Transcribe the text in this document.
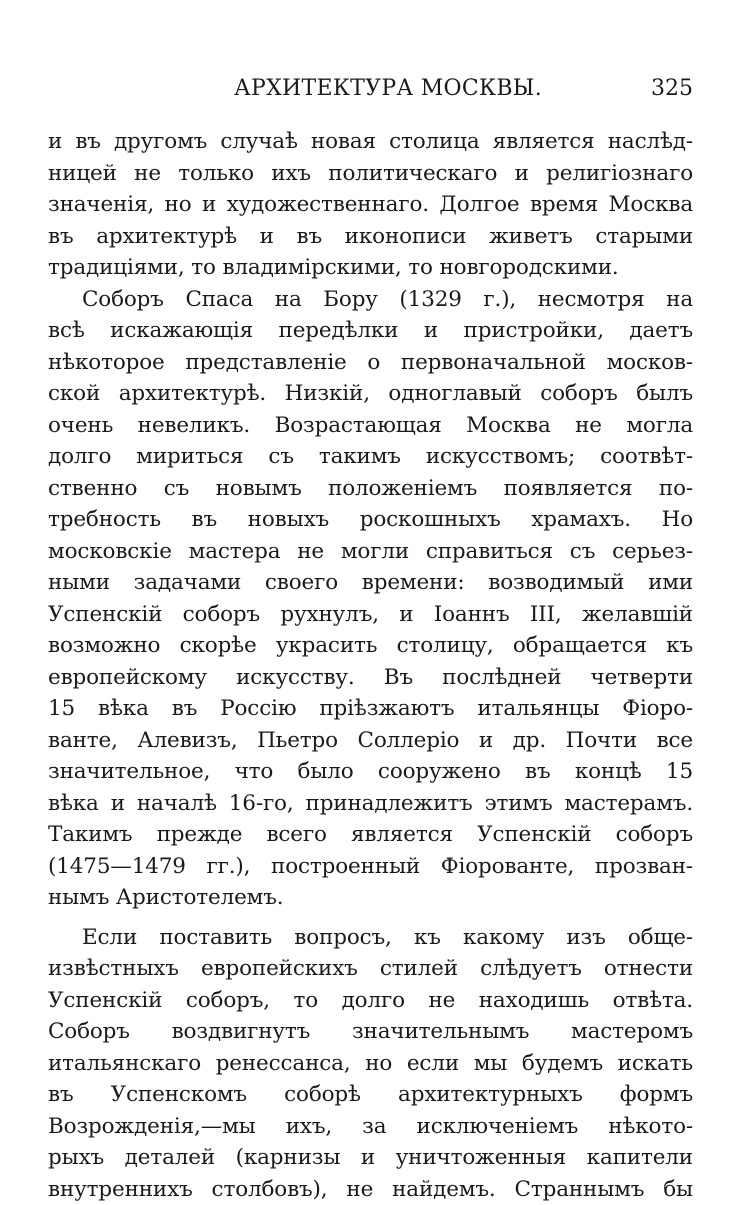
АРХИТЕКТУРА МОСКВЫ.	325
и въ другомъ случаѣ новая столица является наслѣд-
ницей не только ихъ политическаго и религіознаго
значенія, но и художественнаго. Долгое время Москва
въ архитектурѣ и въ иконописи живетъ старыми
традиціями, то владимірскими, то новгородскими.
Соборъ Спаса на Бору (1329 г.), несмотря на
всѣ искажающія передѣлки и пристройки, даетъ
нѣкоторое представленіе о первоначальной москов-
ской архитектурѣ. Низкій, одноглавый соборъ былъ
очень невеликъ. Возрастающая Москва не могла
долго мириться съ такимъ искусствомъ; соотвѣт-
ственно съ новымъ положеніемъ появляется по-
требность въ новыхъ роскошныхъ храмахъ. Но
московскіе мастера не могли справиться съ серьез-
ными задачами своего времени: возводимый ими
Успенскій соборъ рухнулъ, и Іоаннъ III, желавшій
возможно скорѣе украсить столицу, обращается къ
европейскому искусству. Въ послѣдней четверти
15 вѣка въ Россію пріѣзжаютъ итальянцы Фіоро-
ванте, Алевизъ, Пьетро Соллеріо и др. Почти все
значительное, что было сооружено въ концѣ 15
вѣка и началѣ 16-го, принадлежитъ этимъ мастерамъ.
Такимъ прежде всего является Успенскій соборъ
(1475—1479 гг.), построенный Фіорованте, прозван-
нымъ Аристотелемъ.
Если поставить вопросъ, къ какому изъ обще-
извѣстныхъ европейскихъ стилей слѣдуетъ отнести
Успенскій соборъ, то долго не находишь отвѣта.
Соборъ воздвигнутъ значительнымъ мастеромъ
итальянскаго ренессанса, но если мы будемъ искать
въ Успенскомъ соборѣ архитектурныхъ формъ
Возрожденія,—мы ихъ, за исключеніемъ нѣкото-
рыхъ деталей (карнизы и уничтоженныя капители
внутреннихъ столбовъ), не найдемъ. Страннымъ бы
